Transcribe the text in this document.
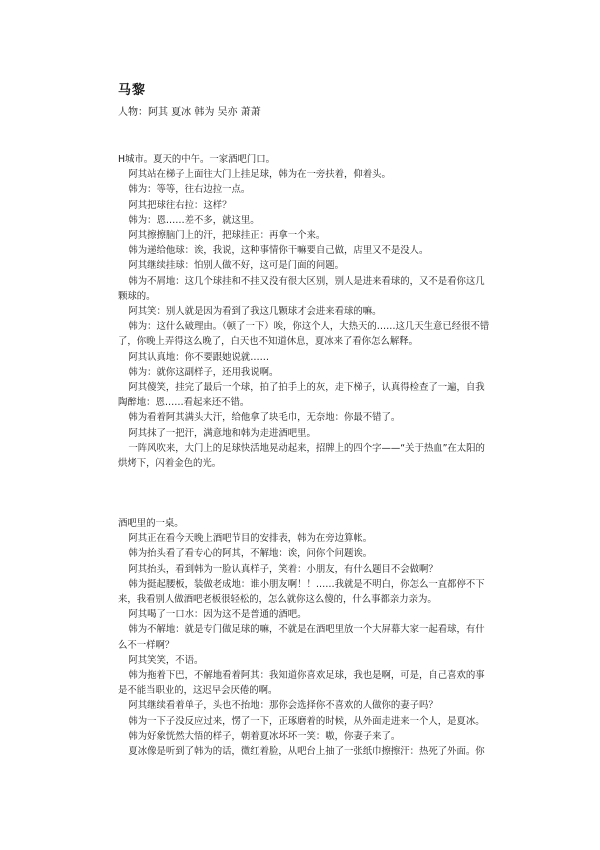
马黎

人物：阿其 夏冰 韩为 吴亦 萧萧

H城市。夏天的中午。一家酒吧门口。

阿其站在梯子上面往大门上挂足球，韩为在一旁扶着，仰着头。

韩为：等等，往右边拉一点。

阿其把球往右拉：这样？

韩为：恩……差不多，就这里。

阿其擦擦脑门上的汗，把球挂正：再拿一个来。

韩为递给他球：诶，我说，这种事情你干嘛要自己做，店里又不是没人。

阿其继续挂球：怕别人做不好，这可是门面的问题。

韩为不屑地：这几个球挂和不挂又没有很大区别，别人是进来看球的，又不是看你这几颗球的。

阿其笑：别人就是因为看到了我这几颗球才会进来看球的嘛。

韩为：这什么破理由。（顿了一下）唉，你这个人，大热天的……这几天生意已经很不错了，你晚上弄得这么晚了，白天也不知道休息，夏冰来了看你怎么解释。

阿其认真地：你不要跟她说就……

韩为：就你这副样子，还用我说啊。

阿其傻笑，挂完了最后一个球，拍了拍手上的灰，走下梯子，认真得检查了一遍，自我陶醉地：恩……看起来还不错。

韩为看着阿其满头大汗，给他拿了块毛巾，无奈地：你最不错了。

阿其抹了一把汗，满意地和韩为走进酒吧里。

一阵风吹来，大门上的足球快活地晃动起来，招牌上的四个字——“关于热血”在太阳的烘烤下，闪着金色的光。

酒吧里的一桌。

阿其正在看今天晚上酒吧节目的安排表，韩为在旁边算帐。

韩为抬头看了看专心的阿其，不解地：诶，问你个问题诶。

阿其抬头，看到韩为一脸认真样子，笑着：小朋友，有什么题目不会做啊？

韩为挺起腰板，装做老成地：谁小朋友啊！！……我就是不明白，你怎么一直都停不下来，我看别人做酒吧老板很轻松的，怎么就你这么傻的，什么事都亲力亲为。

阿其喝了一口水：因为这不是普通的酒吧。

韩为不解地：就是专门做足球的嘛，不就是在酒吧里放一个大屏幕大家一起看球，有什么不一样啊？

阿其笑笑，不语。

韩为拖着下巴，不解地看着阿其：我知道你喜欢足球，我也是啊，可是，自己喜欢的事是不能当职业的，这迟早会厌倦的啊。

阿其继续看着单子，头也不抬地：那你会选择你不喜欢的人做你的妻子吗？

韩为一下子没反应过来，愣了一下，正琢磨着的时候，从外面走进来一个人，是夏冰。

韩为好象恍然大悟的样子，朝着夏冰坏坏一笑：嗷，你妻子来了。

夏冰像是听到了韩为的话，微红着脸，从吧台上抽了一张纸巾擦擦汗：热死了外面。你
